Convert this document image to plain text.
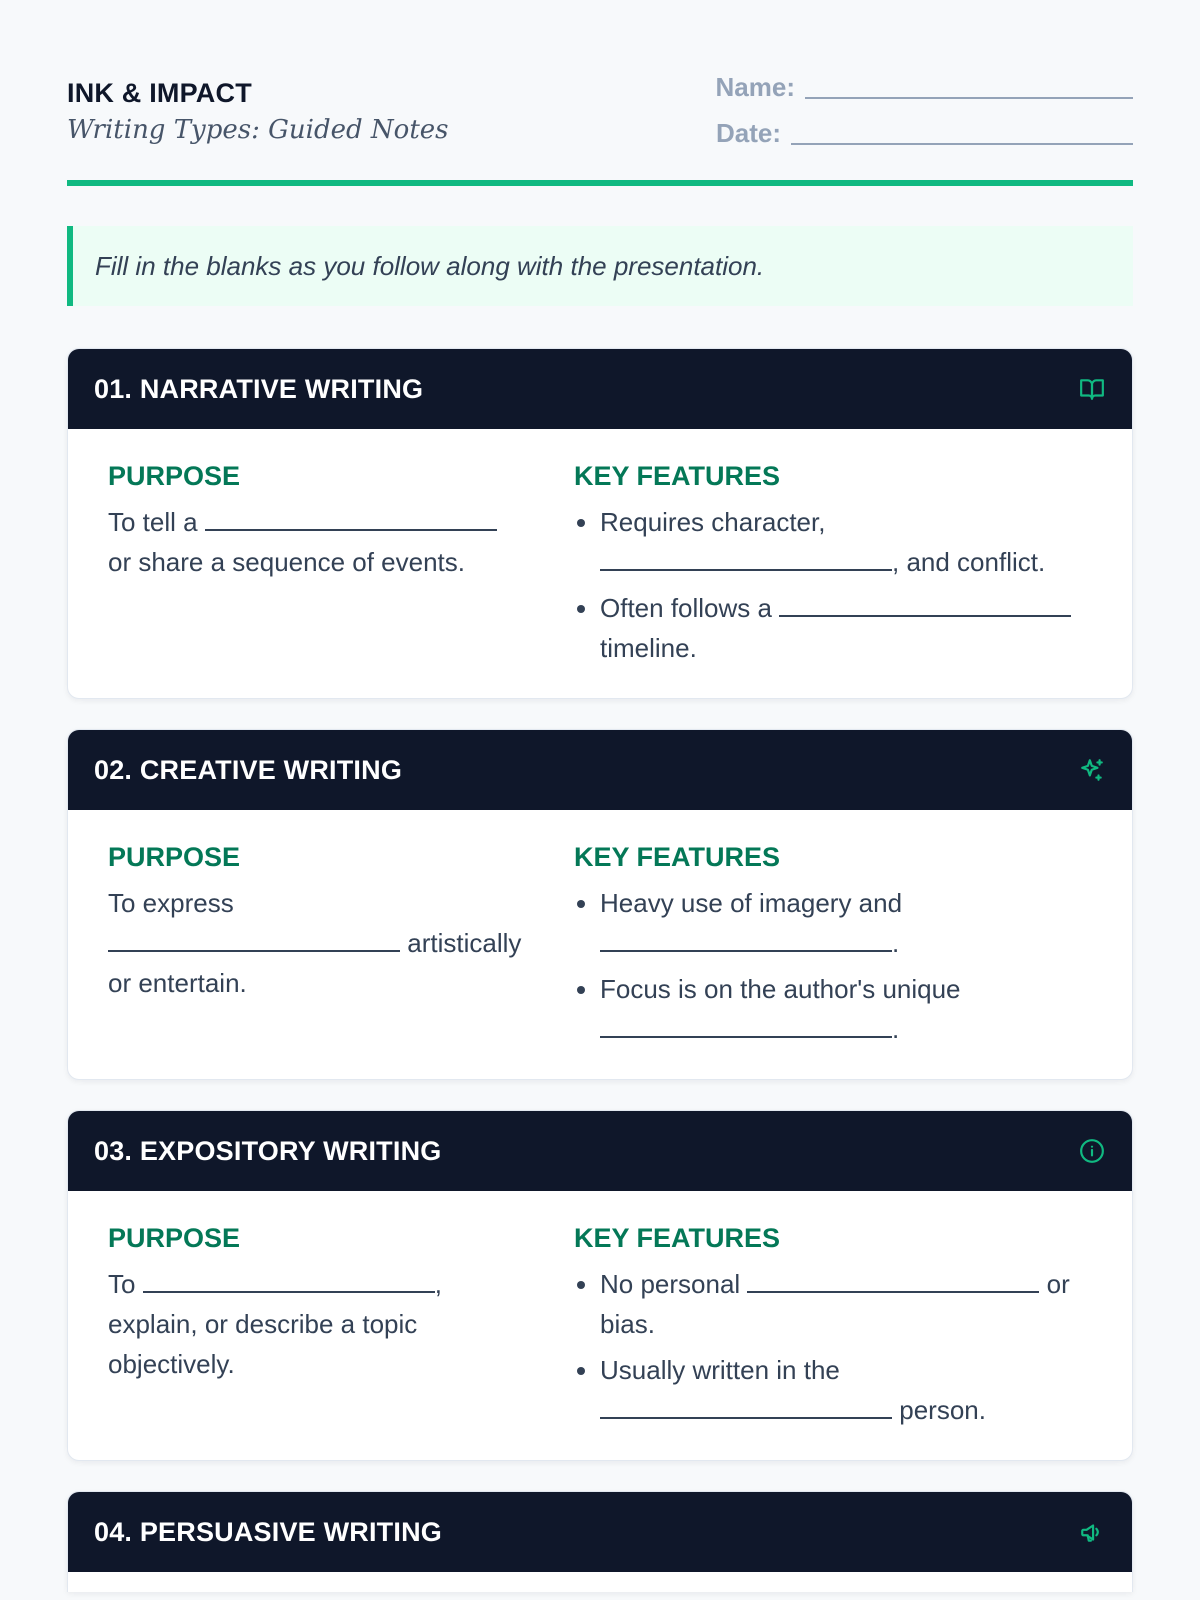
INK & IMPACT
Writing Types: Guided Notes
Name:
Date:
Fill in the blanks as you follow along with the presentation.
01. NARRATIVE WRITING
PURPOSE
To tell a  or share a sequence of events.
KEY FEATURES
• Requires character, , and conflict.
• Often follows a  timeline.
02. CREATIVE WRITING
PURPOSE
To express  artistically or entertain.
KEY FEATURES
• Heavy use of imagery and .
• Focus is on the author's unique .
03. EXPOSITORY WRITING
PURPOSE
To	, explain, or describe a topic objectively.
KEY FEATURES
• No personal	or bias.
• Usually written in the  person.
04. PERSUASIVE WRITING
